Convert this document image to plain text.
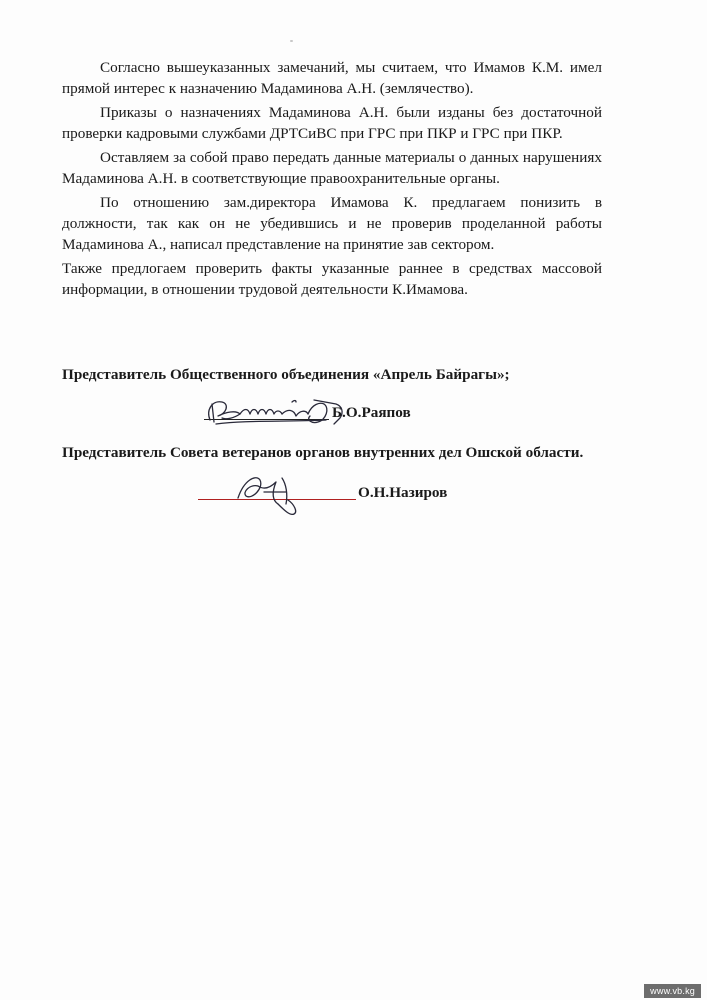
Согласно вышеуказанных замечаний, мы считаем, что Имамов К.М. имел прямой интерес к назначению Мадаминова А.Н. (землячество).

Приказы о назначениях Мадаминова А.Н. были изданы без достаточной проверки кадровыми службами ДРТСиВС при ГРС при ПКР и ГРС при ПКР.

Оставляем за собой право передать данные материалы о данных нарушениях Мадаминова А.Н. в соответствующие правоохранительные органы.

По отношению зам.директора Имамова К. предлагаем понизить в должности, так как он не убедившись и не проверив проделанной работы Мадаминова А., написал представление на принятие зав сектором.

Также предлогаем проверить факты указанные раннее в средствах массовой информации, в отношении трудовой деятельности К.Имамова.

Представитель Общественного объединения «Апрель Байрагы»;
Б.О.Раяпов
Представитель Совета ветеранов органов внутренних дел Ошской области.
О.Н.Назиров
www.vb.kg
